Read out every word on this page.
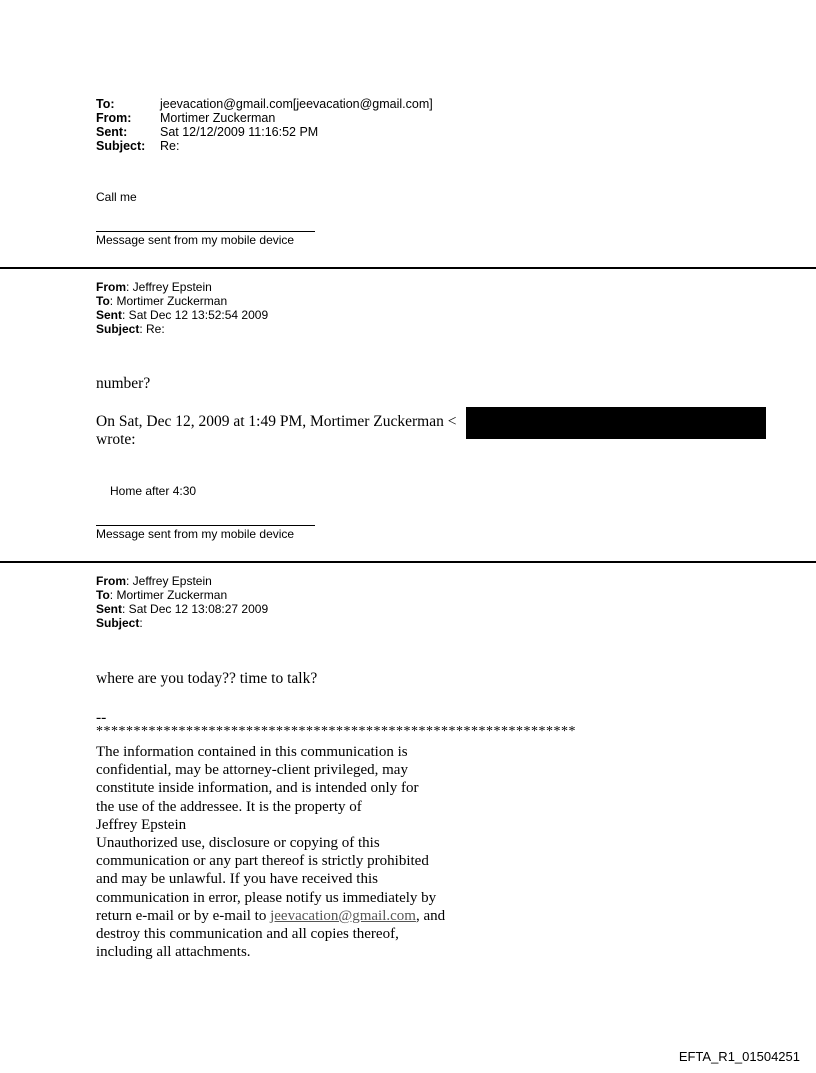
To:	jeevacation@gmail.com[jeevacation@gmail.com]
From:	Mortimer Zuckerman
Sent:	Sat 12/12/2009 11:16:52 PM
Subject:	Re:
Call me
Message sent from my mobile device
From: Jeffrey Epstein
To: Mortimer Zuckerman
Sent: Sat Dec 12 13:52:54 2009
Subject: Re:
number?
On Sat, Dec 12, 2009 at 1:49 PM, Mortimer Zuckerman <
wrote:
Home after 4:30
Message sent from my mobile device
From: Jeffrey Epstein
To: Mortimer Zuckerman
Sent: Sat Dec 12 13:08:27 2009
Subject:
where are you today?? time to talk?
--
****************************************************************
The information contained in this communication is
confidential, may be attorney-client privileged, may
constitute inside information, and is intended only for
the use of the addressee. It is the property of
Jeffrey Epstein
Unauthorized use, disclosure or copying of this
communication or any part thereof is strictly prohibited
and may be unlawful. If you have received this
communication in error, please notify us immediately by
return e-mail or by e-mail to jeevacation@gmail.com, and
destroy this communication and all copies thereof,
including all attachments.
EFTA_R1_01504251
